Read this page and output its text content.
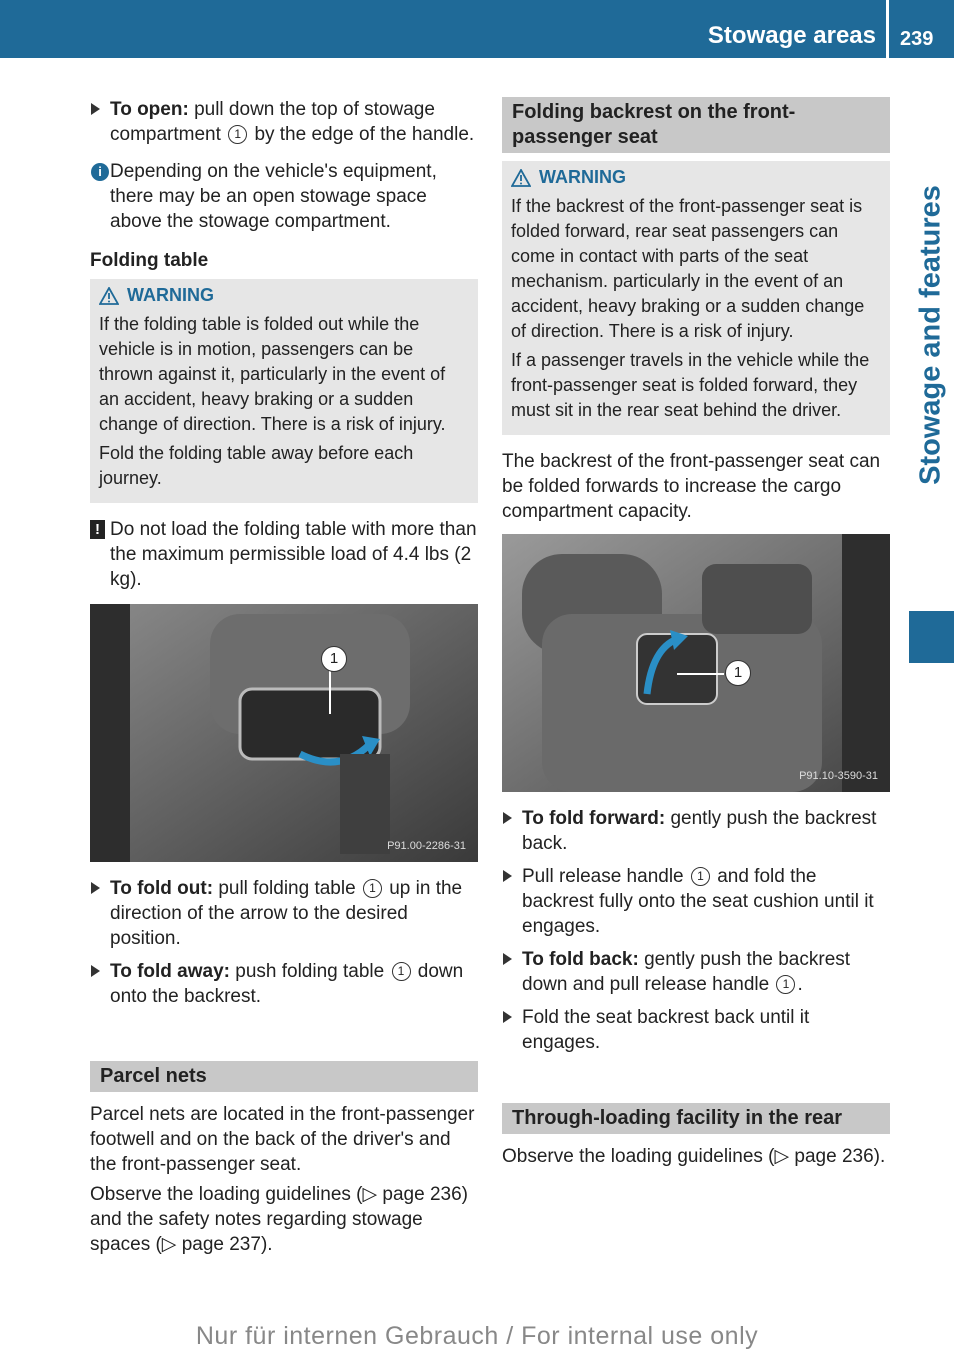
Stowage areas 239
Stowage and features
To open: pull down the top of stowage compartment 1 by the edge of the handle.
i Depending on the vehicle's equipment, there may be an open stowage space above the stowage compartment.
Folding table
WARNING

If the folding table is folded out while the vehicle is in motion, passengers can be thrown against it, particularly in the event of an accident, heavy braking or a sudden change of direction. There is a risk of injury.

Fold the folding table away before each journey.

! Do not load the folding table with more than the maximum permissible load of 4.4 lbs (2 kg).
1
P91.00-2286-31
To fold out: pull folding table 1 up in the direction of the arrow to the desired position.
To fold away: push folding table 1 down onto the backrest.
Parcel nets

Parcel nets are located in the front-passenger footwell and on the back of the driver's and the front-passenger seat.

Observe the loading guidelines (▷ page 236) and the safety notes regarding stowage spaces (▷ page 237).

Folding backrest on the front-passenger seat
WARNING

If the backrest of the front-passenger seat is folded forward, rear seat passengers can come in contact with parts of the seat mechanism. particularly in the event of an accident, heavy braking or a sudden change of direction. There is a risk of injury.

If a passenger travels in the vehicle while the front-passenger seat is folded forward, they must sit in the rear seat behind the driver.

The backrest of the front-passenger seat can be folded forwards to increase the cargo compartment capacity.

1
P91.10-3590-31
To fold forward: gently push the backrest back.
Pull release handle 1 and fold the backrest fully onto the seat cushion until it engages.
To fold back: gently push the backrest down and pull release handle 1 .
Fold the seat backrest back until it engages.
Through-loading facility in the rear

Observe the loading guidelines (▷ page 236).

Nur für internen Gebrauch / For internal use only
